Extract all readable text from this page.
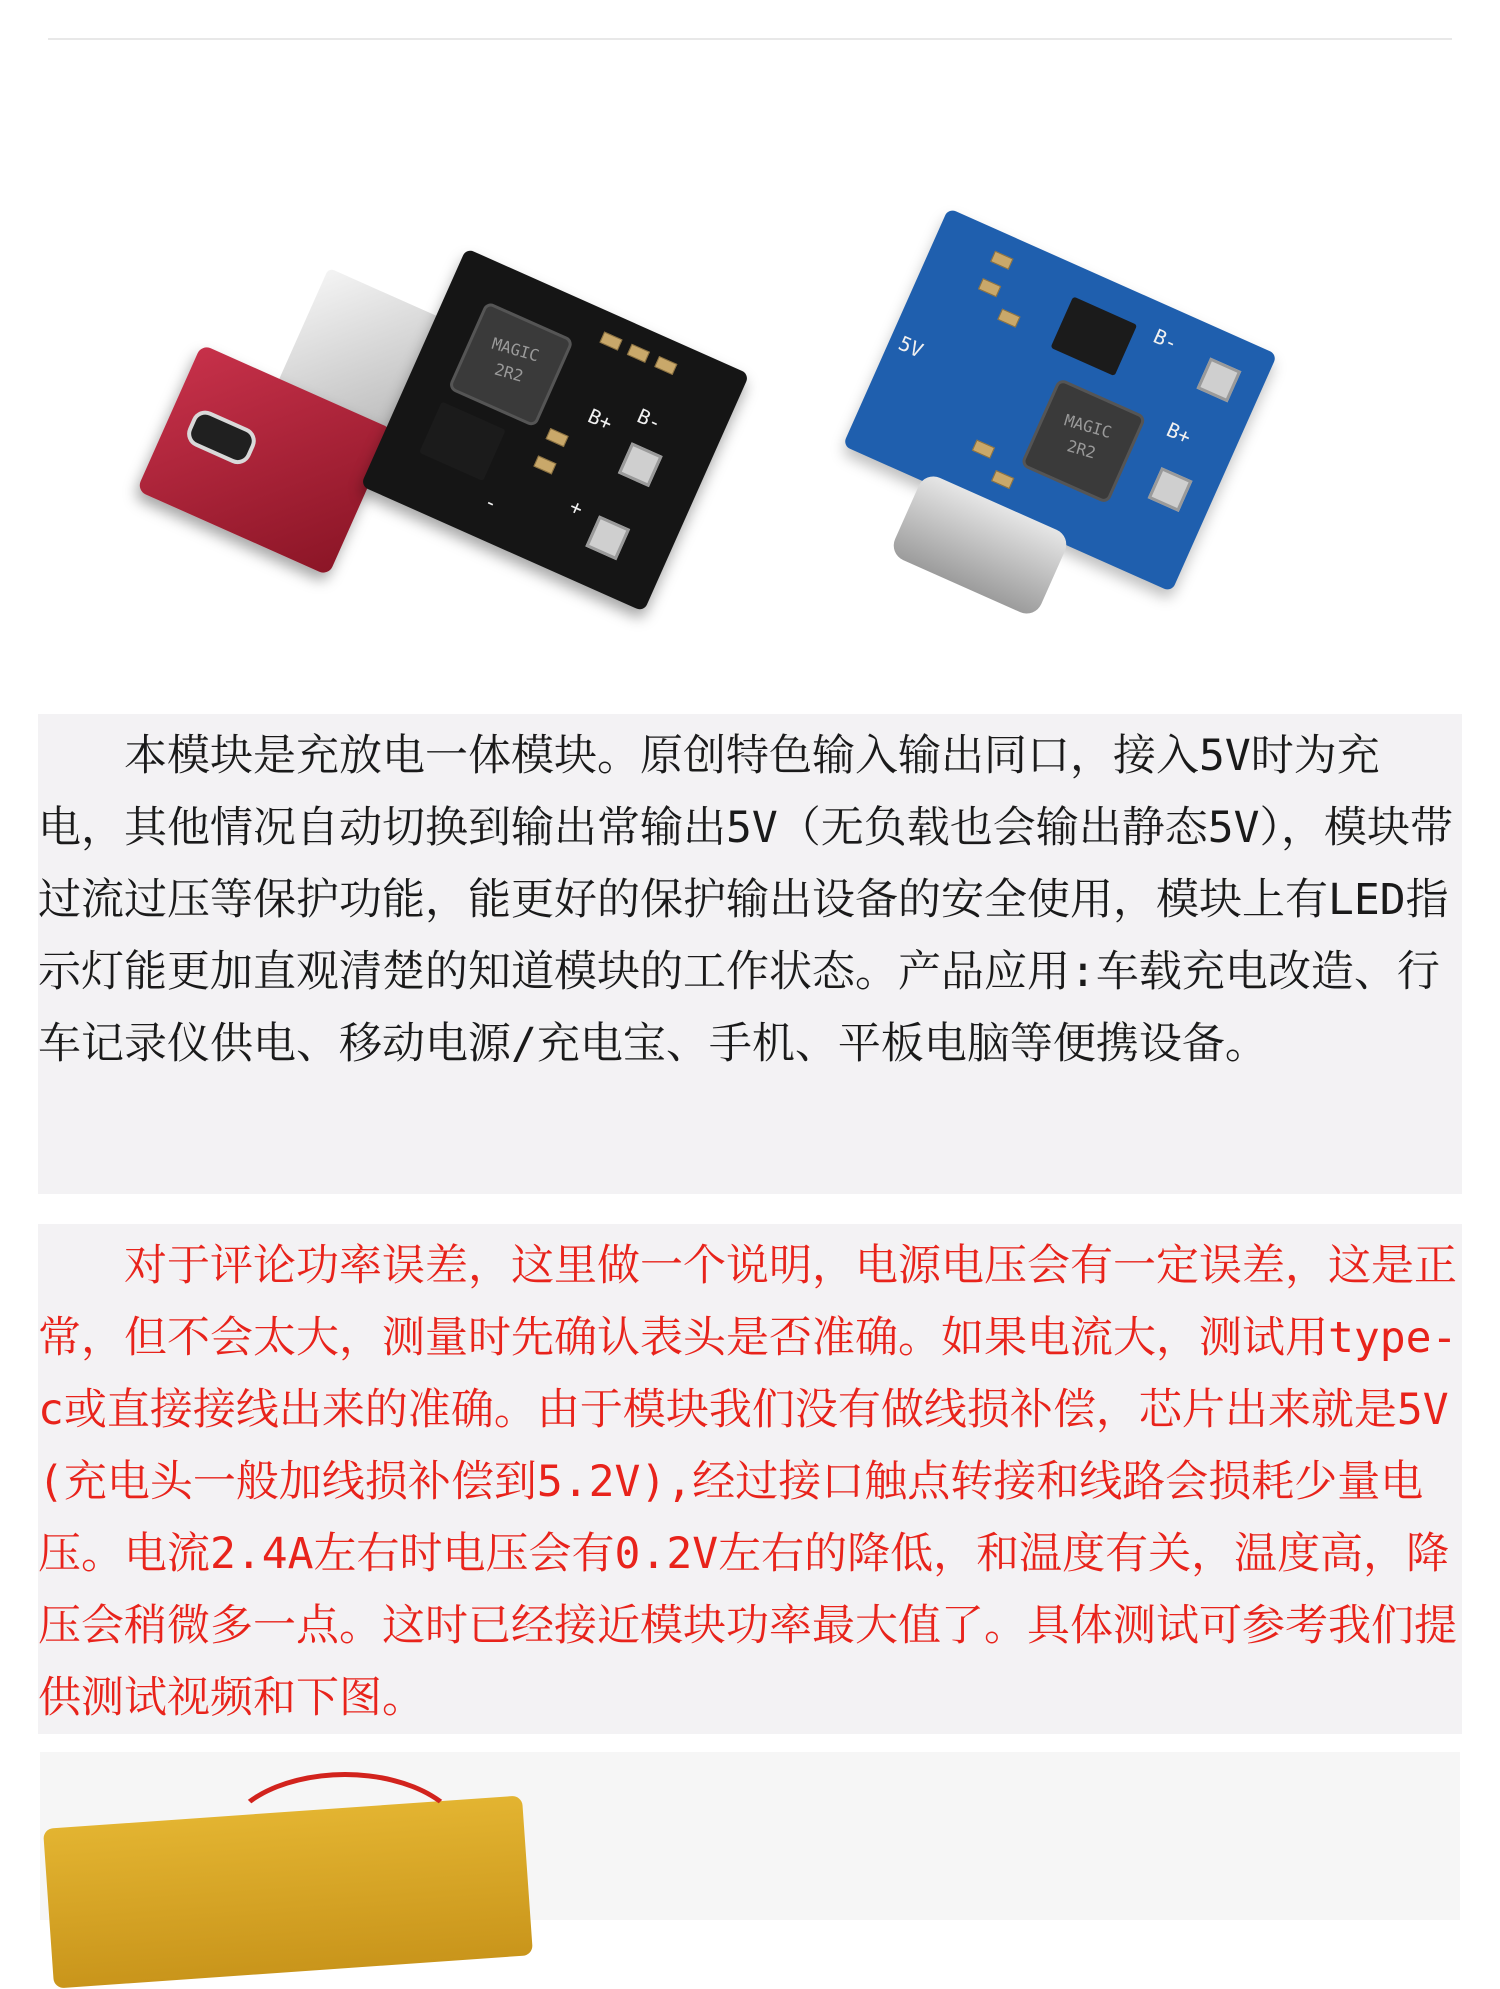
MAGIC
2R2
B-
B+
+
-
MAGIC
2R2
B-
B+
5V
本模块是充放电一体模块。原创特色输入输出同口，接入5V时为充电，其他情况自动切换到输出常输出5V（无负载也会输出静态5V），模块带过流过压等保护功能，能更好的保护输出设备的安全使用，模块上有LED指示灯能更加直观清楚的知道模块的工作状态。产品应用:车载充电改造、行车记录仪供电、移动电源/充电宝、手机、平板电脑等便携设备。
对于评论功率误差，这里做一个说明，电源电压会有一定误差，这是正常，但不会太大，测量时先确认表头是否准确。如果电流大，测试用type-c或直接接线出来的准确。由于模块我们没有做线损补偿，芯片出来就是5V(充电头一般加线损补偿到5.2V),经过接口触点转接和线路会损耗少量电压。电流2.4A左右时电压会有0.2V左右的降低，和温度有关，温度高，降压会稍微多一点。这时已经接近模块功率最大值了。具体测试可参考我们提供测试视频和下图。
